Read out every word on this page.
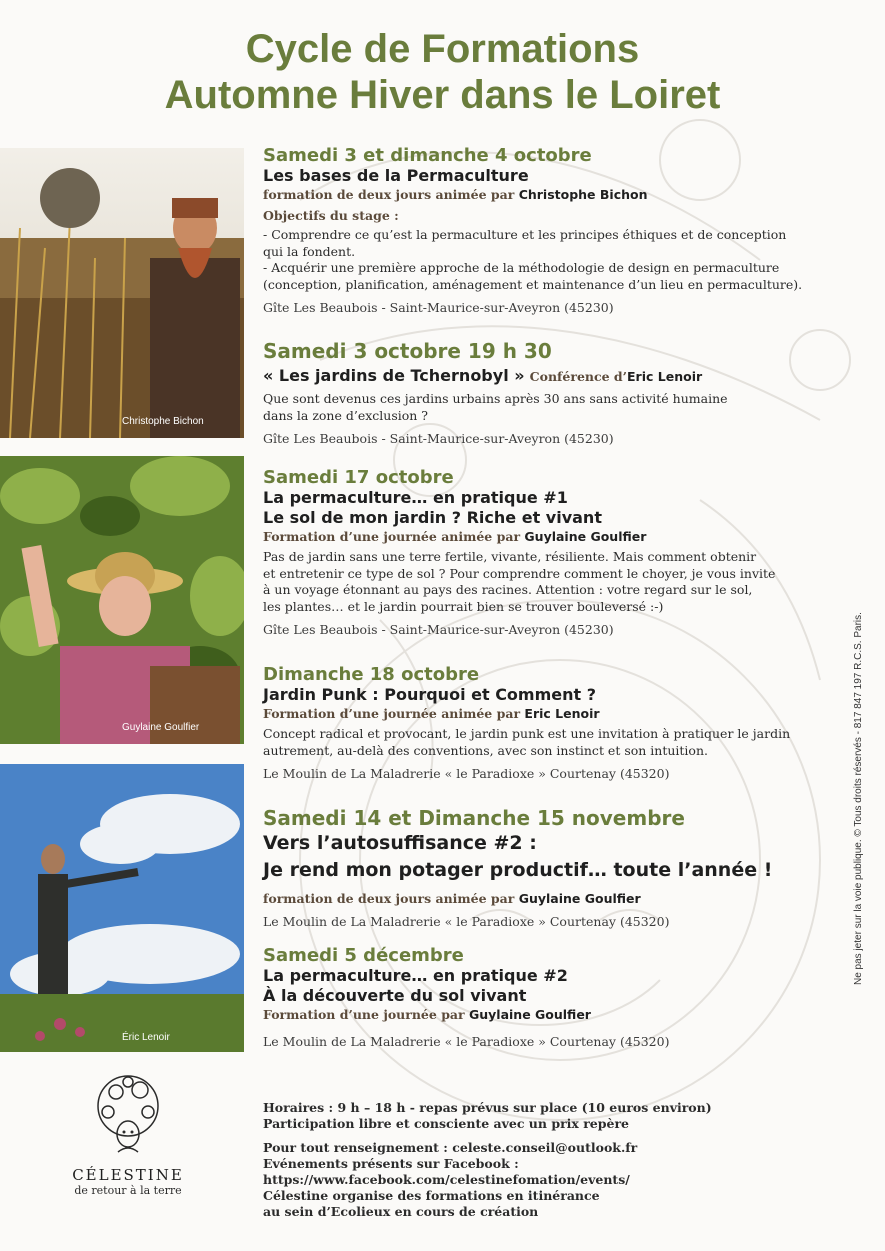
Cycle de Formations
Automne Hiver dans le Loiret
Christophe Bichon
Guylaine Goulfier
Éric Lenoir
Samedi 3 et dimanche 4 octobre
Les bases de la Permaculture
formation de deux jours animée par Christophe Bichon
Objectifs du stage :
- Comprendre ce qu’est la permaculture et les principes éthiques et de conception
qui la fondent.
- Acquérir une première approche de la méthodologie de design en permaculture
(conception, planification, aménagement et maintenance d’un lieu en permaculture).
Gîte Les Beaubois - Saint-Maurice-sur-Aveyron (45230)
Samedi 3 octobre 19 h 30
« Les jardins de Tchernobyl » Conférence d’Eric Lenoir
Que sont devenus ces jardins urbains après 30 ans sans activité humaine
dans la zone d’exclusion ?
Gîte Les Beaubois - Saint-Maurice-sur-Aveyron (45230)
Samedi 17 octobre
La permaculture… en pratique #1
Le sol de mon jardin ? Riche et vivant
Formation d’une journée animée par Guylaine Goulfier
Pas de jardin sans une terre fertile, vivante, résiliente. Mais comment obtenir
et entretenir ce type de sol ? Pour comprendre comment le choyer, je vous invite
à un voyage étonnant au pays des racines. Attention : votre regard sur le sol,
les plantes… et le jardin pourrait bien se trouver bouleversé :-)
Gîte Les Beaubois - Saint-Maurice-sur-Aveyron (45230)
Dimanche 18 octobre
Jardin Punk : Pourquoi et Comment ?
Formation d’une journée animée par Eric Lenoir
Concept radical et provocant, le jardin punk est une invitation à pratiquer le jardin
autrement, au-delà des conventions, avec son instinct et son intuition.
Le Moulin de La Maladrerie « le Paradioxe » Courtenay (45320)
Samedi 14 et Dimanche 15 novembre
Vers l’autosuffisance #2 :
Je rend mon potager productif… toute l’année !
formation de deux jours animée par Guylaine Goulfier
Le Moulin de La Maladrerie « le Paradioxe » Courtenay (45320)
Samedi 5 décembre
La permaculture… en pratique #2
À la découverte du sol vivant
Formation d’une journée par Guylaine Goulfier
Le Moulin de La Maladrerie « le Paradioxe » Courtenay (45320)
Horaires : 9 h – 18 h - repas prévus sur place (10 euros environ)
Participation libre et consciente avec un prix repère
Pour tout renseignement : celeste.conseil@outlook.fr
Evénements présents sur Facebook :
https://www.facebook.com/celestinefomation/events/
Célestine organise des formations en itinérance
au sein d’Ecolieux en cours de création
CÉLESTINE
de retour à la terre
Ne pas jeter sur la voie publique. © Tous droits réservés - 817 847 197 R.C.S. Paris.
